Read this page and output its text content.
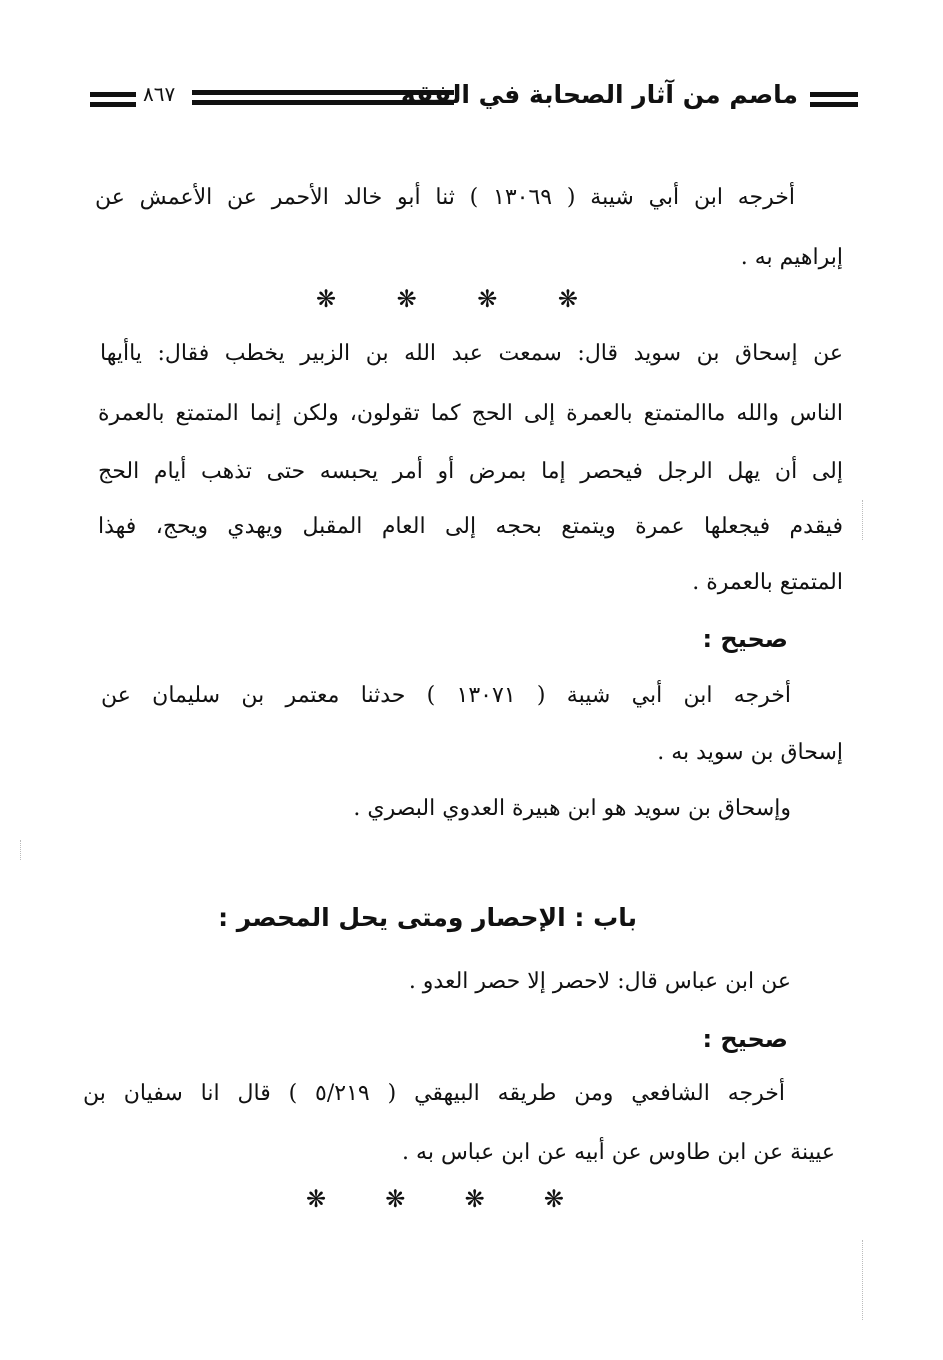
٨٦٧	ماصم من آثار الصحابة في الفقه
أخرجه ابن أبي شيبة ( ١٣٠٦٩ ) ثنا أبو خالد الأحمر عن الأعمش عن
إبراهيم به .
❋	❋	❋	❋
عن إسحاق بن سويد قال: سمعت عبد الله بن الزبير يخطب فقال: ياأيها
الناس والله ماالمتمتع بالعمرة إلى الحج كما تقولون، ولكن إنما المتمتع بالعمرة
إلى أن يهل الرجل فيحصر إما بمرض أو أمر يحبسه حتى تذهب أيام الحج
فيقدم فيجعلها عمرة ويتمتع بحجه إلى العام المقبل ويهدي ويحج، فهذا
المتمتع بالعمرة .
صحيح :
أخرجه ابن أبي شيبة ( ١٣٠٧١ ) حدثنا معتمر بن سليمان عن
إسحاق بن سويد به .
وإسحاق بن سويد هو ابن هبيرة العدوي البصري .
باب : الإحصار ومتى يحل المحصر :
عن ابن عباس قال: لاحصر إلا حصر العدو .
صحيح :
أخرجه الشافعي ومن طريقه البيهقي ( ٥/٢١٩ ) قال انا سفيان بن
عيينة عن ابن طاوس عن أبيه عن ابن عباس به .
❋ ❋ ❋ ❋
